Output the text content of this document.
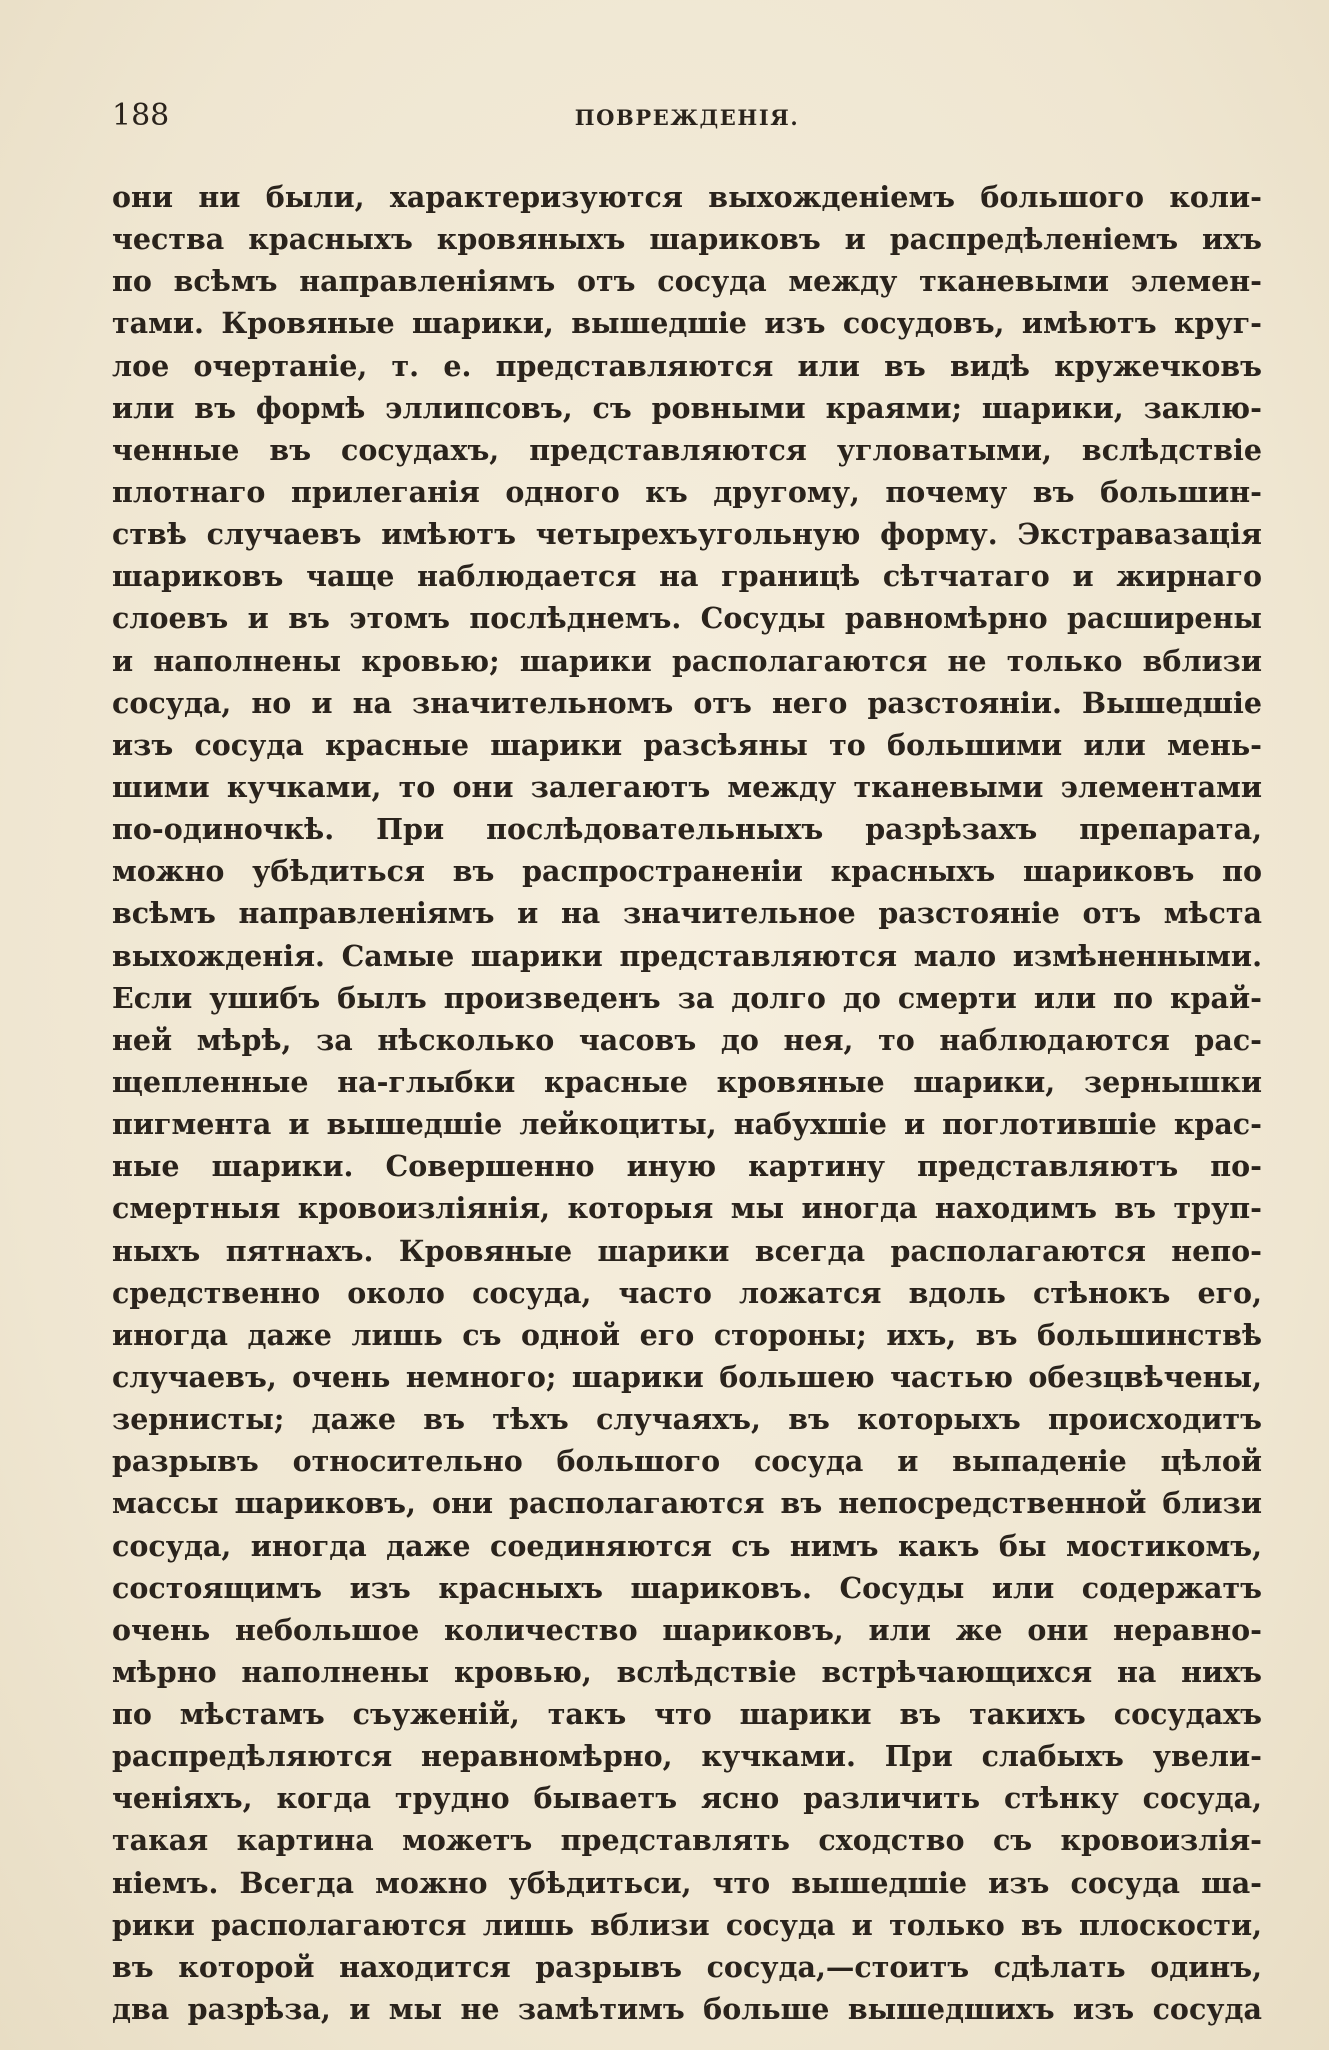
188	ПОВРЕЖДЕНІЯ.
они ни были, характеризуются выхожденіемъ большого коли-
чества красныхъ кровяныхъ шариковъ и распредѣленіемъ ихъ
по всѣмъ направленіямъ отъ сосуда между тканевыми элемен-
тами. Кровяные шарики, вышедшіе изъ сосудовъ, имѣютъ круг-
лое очертаніе, т. е. представляются или въ видѣ кружечковъ
или въ формѣ эллипсовъ, съ ровными краями; шарики, заклю-
ченные въ сосудахъ, представляются угловатыми, вслѣдствіе
плотнаго прилеганія одного къ другому, почему въ большин-
ствѣ случаевъ имѣютъ четырехъугольную форму. Экстравазація
шариковъ чаще наблюдается на границѣ сѣтчатаго и жирнаго
слоевъ и въ этомъ послѣднемъ. Сосуды равномѣрно расширены
и наполнены кровью; шарики располагаются не только вблизи
сосуда, но и на значительномъ отъ него разстояніи. Вышедшіе
изъ сосуда красные шарики разсѣяны то большими или мень-
шими кучками, то они залегаютъ между тканевыми элементами
по-одиночкѣ. При послѣдовательныхъ разрѣзахъ препарата,
можно убѣдиться въ распространеніи красныхъ шариковъ по
всѣмъ направленіямъ и на значительное разстояніе отъ мѣста
выхожденія. Самые шарики представляются мало измѣненными.
Если ушибъ былъ произведенъ за долго до смерти или по край-
ней мѣрѣ, за нѣсколько часовъ до нея, то наблюдаются рас-
щепленные на-глыбки красные кровяные шарики, зернышки
пигмента и вышедшіе лейкоциты, набухшіе и поглотившіе крас-
ные шарики. Совершенно иную картину представляютъ по-
смертныя кровоизліянія, которыя мы иногда находимъ въ труп-
ныхъ пятнахъ. Кровяные шарики всегда располагаются непо-
средственно около сосуда, часто ложатся вдоль стѣнокъ его,
иногда даже лишь съ одной его стороны; ихъ, въ большинствѣ
случаевъ, очень немного; шарики большею частью обезцвѣчены,
зернисты; даже въ тѣхъ случаяхъ, въ которыхъ происходитъ
разрывъ относительно большого сосуда и выпаденіе цѣлой
массы шариковъ, они располагаются въ непосредственной близи
сосуда, иногда даже соединяются съ нимъ какъ бы мостикомъ,
состоящимъ изъ красныхъ шариковъ. Сосуды или содержатъ
очень небольшое количество шариковъ, или же они неравно-
мѣрно наполнены кровью, вслѣдствіе встрѣчающихся на нихъ
по мѣстамъ съуженій, такъ что шарики въ такихъ сосудахъ
распредѣляются неравномѣрно, кучками. При слабыхъ увели-
ченіяхъ, когда трудно бываетъ ясно различить стѣнку сосуда,
такая картина можетъ представлять сходство съ кровоизлія-
ніемъ. Всегда можно убѣдитьси, что вышедшіе изъ сосуда ша-
рики располагаются лишь вблизи сосуда и только въ плоскости,
въ которой находится разрывъ сосуда,—стоитъ сдѣлать одинъ,
два разрѣза, и мы не замѣтимъ больше вышедшихъ изъ сосуда
